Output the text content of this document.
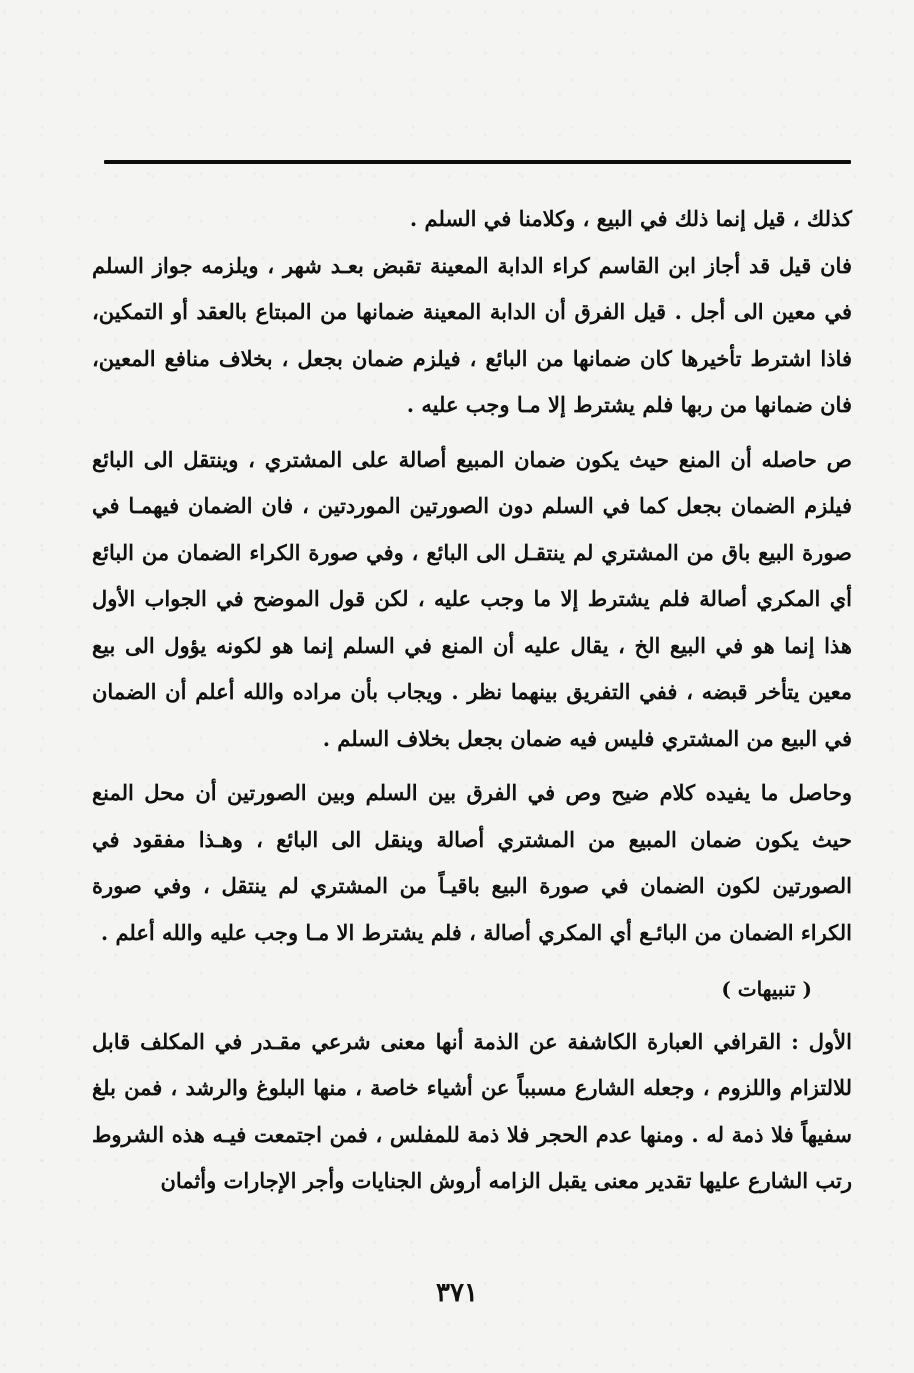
كذلك ، قيل إنما ذلك في البيع ، وكلامنا في السلم .

فان قيل قد أجاز ابن القاسم كراء الدابة المعينة تقبض بعـد شهر ، ويلزمه جواز السلم في معين الى أجل . قيل الفرق أن الدابة المعينة ضمانها من المبتاع بالعقد أو التمكين، فاذا اشترط تأخيرها كان ضمانها من البائع ، فيلزم ضمان بجعل ، بخلاف منافع المعين، فان ضمانها من ربها فلم يشترط إلا مـا وجب عليه .

ص حاصله أن المنع حيث يكون ضمان المبيع أصالة على المشتري ، وينتقل الى البائع فيلزم الضمان بجعل كما في السلم دون الصورتين الموردتين ، فان الضمان فيهمـا في صورة البيع باق من المشتري لم ينتقـل الى البائع ، وفي صورة الكراء الضمان من البائع أي المكري أصالة فلم يشترط إلا ما وجب عليه ، لكن قول الموضح في الجواب الأول هذا إنما هو في البيع الخ ، يقال عليه أن المنع في السلم إنما هو لكونه يؤول الى بيع معين يتأخر قبضه ، ففي التفريق بينهما نظر . ويجاب بأن مراده والله أعلم أن الضمان في البيع من المشتري فليس فيه ضمان بجعل بخلاف السلم .

وحاصل ما يفيده كلام ضيح وص في الفرق بين السلم وبين الصورتين أن محل المنع حيث يكون ضمان المبيع من المشتري أصالة وينقل الى البائع ، وهـذا مفقود في الصورتين لكون الضمان في صورة البيع باقيـاً من المشتري لم ينتقل ، وفي صورة الكراء الضمان من البائـع أي المكري أصالة ، فلم يشترط الا مـا وجب عليه والله أعلم .

( تنبيهات )

الأول : القرافي العبارة الكاشفة عن الذمة أنها معنى شرعي مقـدر في المكلف قابل للالتزام واللزوم ، وجعله الشارع مسبباً عن أشياء خاصة ، منها البلوغ والرشد ، فمن بلغ سفيهاً فلا ذمة له . ومنها عدم الحجر فلا ذمة للمفلس ، فمن اجتمعت فيـه هذه الشروط رتب الشارع عليها تقدير معنى يقبل الزامه أروش الجنايات وأجر الإجارات وأثمان

٣٧١
